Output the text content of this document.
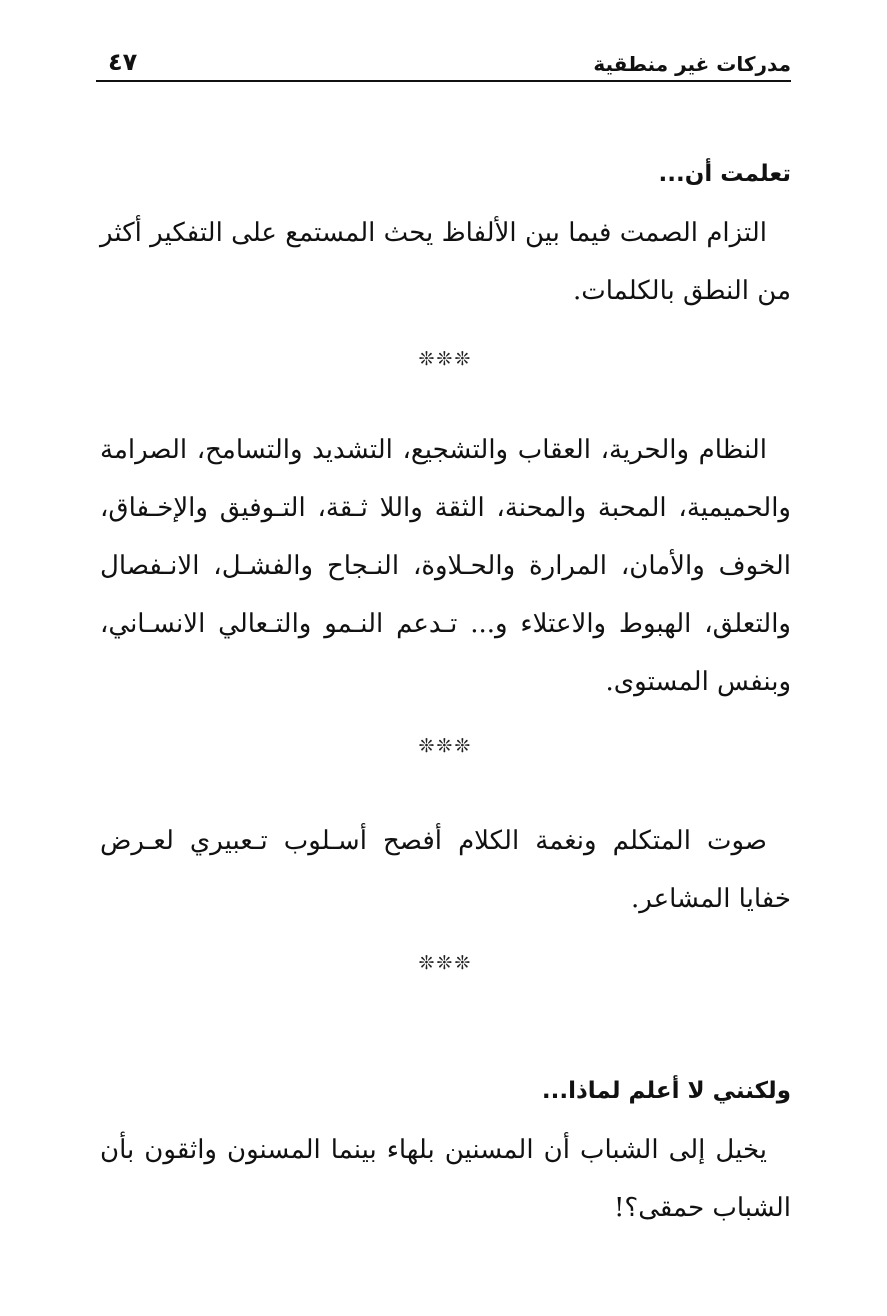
مدركات غير منطقية
٤٧
تعلمت أن...

التزام الصمت فيما بين الألفاظ يحث المستمع على التفكير أكثر من النطق بالكلمات.

❊❊❊

النظام والحرية، العقاب والتشجيع، التشديد والتسامح، الصرامة والحميمية، المحبة والمحنة، الثقة واللا ثـقة، التـوفيق والإخـفاق، الخوف والأمان، المرارة والحـلاوة، النـجاح والفشـل، الانـفصال والتعلق، الهبوط والاعتلاء و... تـدعم النـمو والتـعالي الانسـاني، وبنفس المستوى.

❊❊❊

صوت المتكلم ونغمة الكلام أفصح أسـلوب تـعبيري لعـرض خفايا المشاعر.

❊❊❊
ولكنني لا أعلم لماذا...

يخيل إلى الشباب أن المسنين بلهاء بينما المسنون واثقون بأن الشباب حمقى؟!
